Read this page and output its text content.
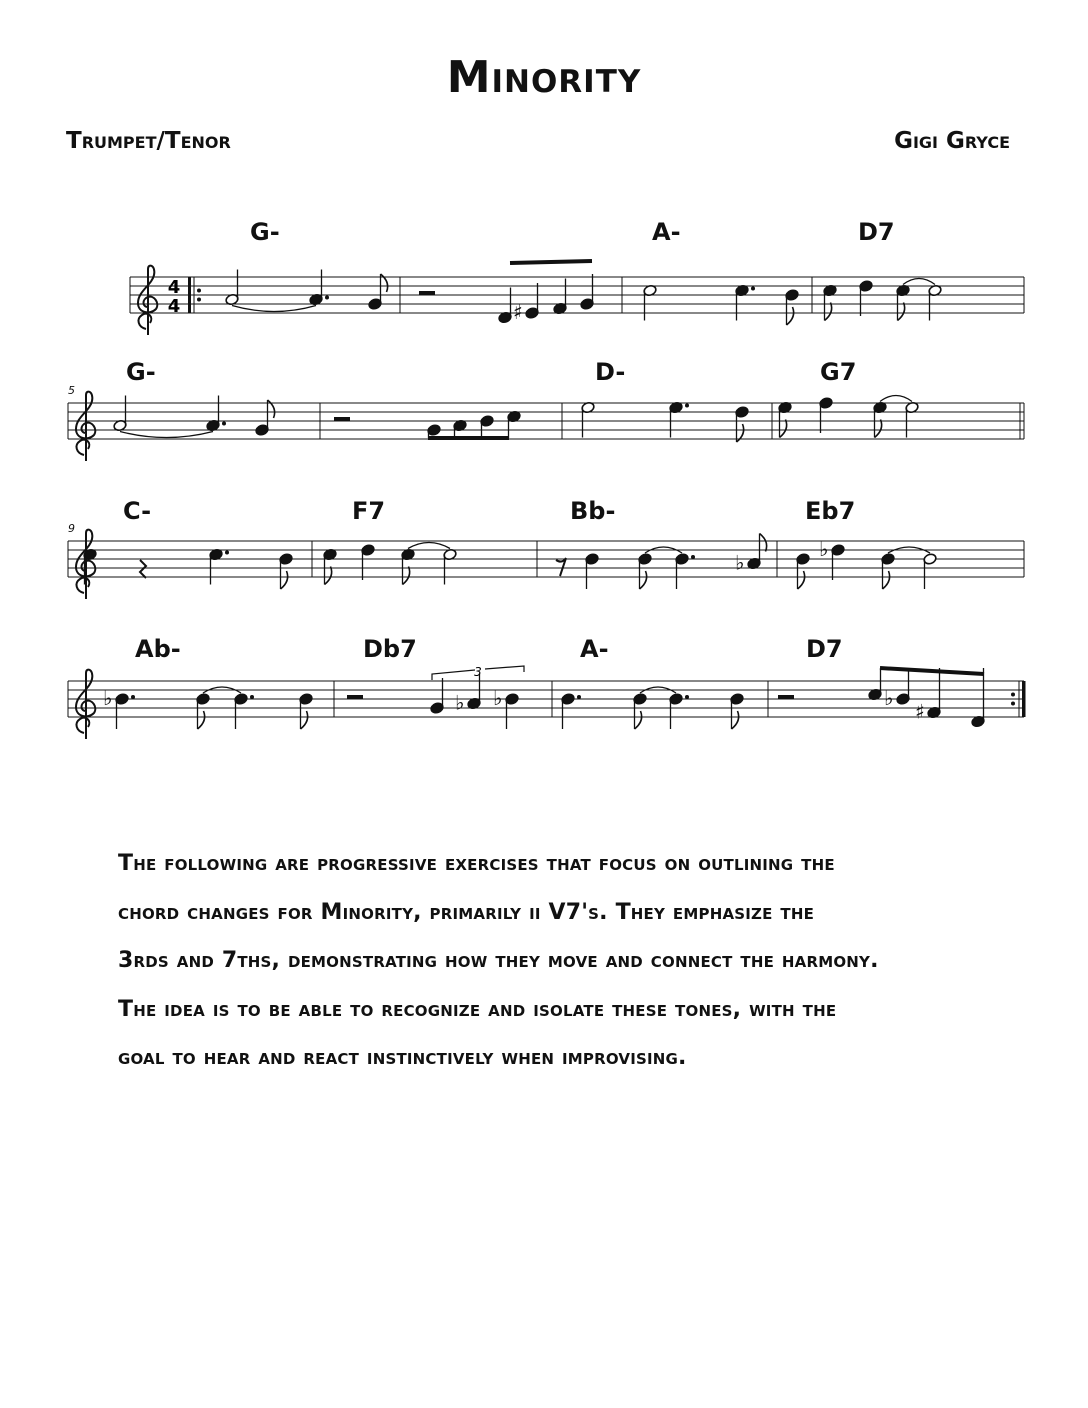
Minority
Trumpet/Tenor	Gigi Gryce
4
4	♯
♭
♭
♭	♭ ♭	♭
♯
G-	A-	D7
G-	D-	G7
C-	F7	Bb-	Eb7
Ab-	Db7	A-	D7
5
9
3

The following are progressive exercises that focus on outlining the

chord changes for Minority, primarily ii V7's. They emphasize the

3rds and 7ths, demonstrating how they move and connect the harmony.

The idea is to be able to recognize and isolate these tones, with the

goal to hear and react instinctively when improvising.
